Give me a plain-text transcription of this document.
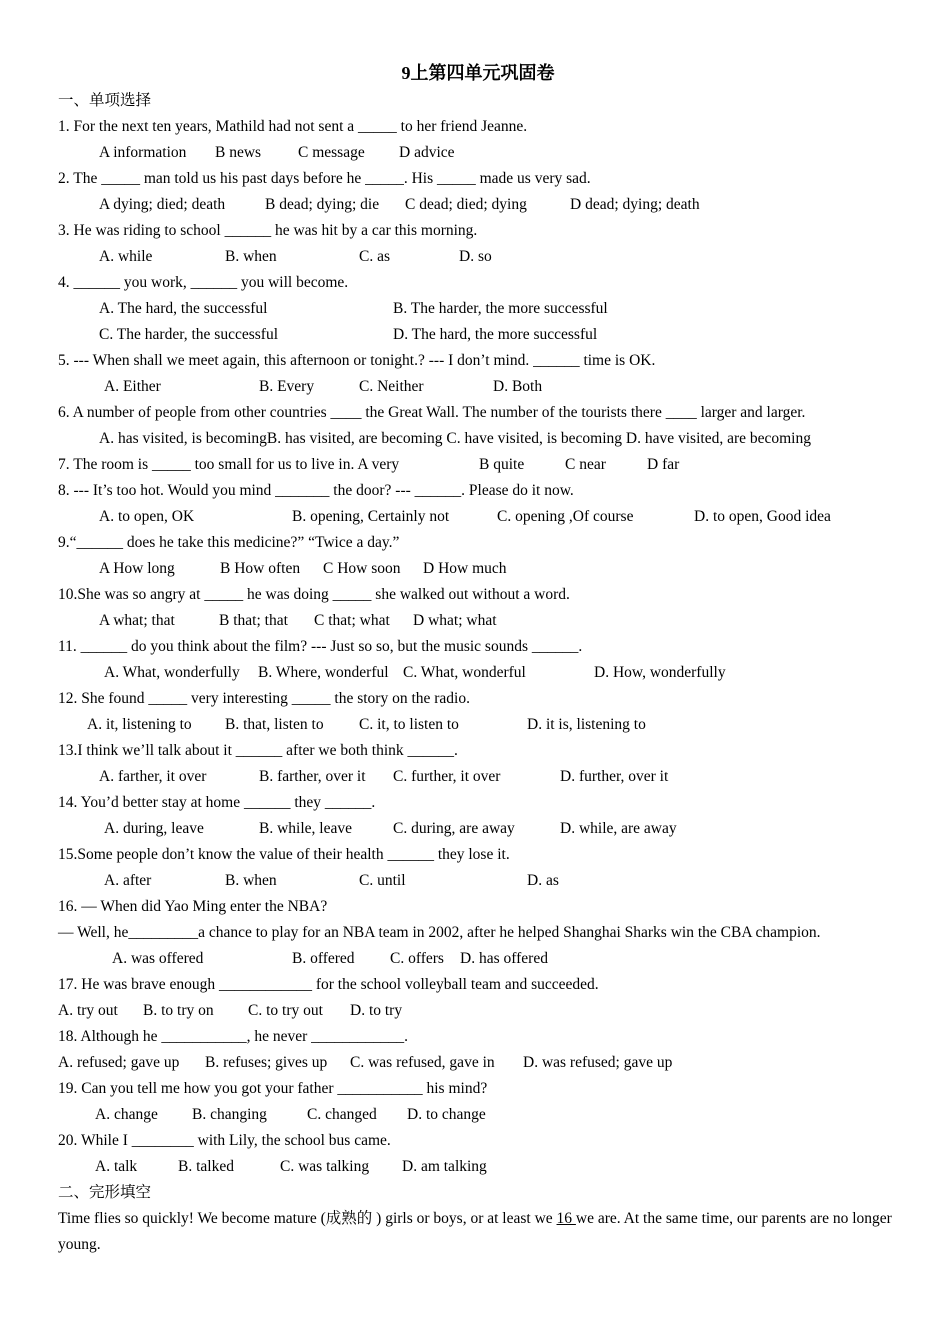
9上第四单元巩固卷
一、单项选择
1. For the next ten years, Mathild had not sent a _____ to her friend Jeanne.
A information B news C message D advice
2. The _____ man told us his past days before he _____. His _____ made us very sad.
A dying; died; death	B dead; dying; die C dead; died; dying	D dead; dying; death
3. He was riding to school ______ he was hit by a car this morning.
A. while	B. when	C. as	D. so
4. ______ you work, ______ you will become.
A. The hard, the successful	B. The harder, the more successful
C. The harder, the successful	D. The hard, the more successful
5. --- When shall we meet again, this afternoon or tonight.? --- I don’t mind. ______ time is OK.
A. Either	B. Every	C. Neither	D. Both
6. A number of people from other countries ____ the Great Wall. The number of the tourists there ____ larger and larger.
A. has visited, is becomingB. has visited, are becoming C. have visited, is becoming D. have visited, are becoming
7. The room is _____ too small for us to live in. A very	B quite	C near	D far
8. --- It’s too hot. Would you mind _______ the door? --- ______. Please do it now.
A. to open, OK	B. opening, Certainly not	C. opening ,Of course	D. to open, Good idea
9.“______ does he take this medicine?” “Twice a day.”
A How long	B How often C How soon D How much
10.She was so angry at _____ he was doing _____ she walked out without a word.
A what; that	B that; that C that; what D what; what
11. ______ do you think about the film? --- Just so so, but the music sounds ______.
A. What, wonderfully B. Where, wonderful C. What, wonderful	D. How, wonderfully
12. She found _____ very interesting _____ the story on the radio.
A. it, listening to B. that, listen to C. it, to listen to	D. it is, listening to
13.I think we’ll talk about it ______ after we both think ______.
A. farther, it over	B. farther, over it C. further, it over	D. further, over it
14. You’d better stay at home ______ they ______.
A. during, leave	B. while, leave	C. during, are away	D. while, are away
15.Some people don’t know the value of their health ______ they lose it.
A. after	B. when	C. until	D. as
16. — When did Yao Ming enter the NBA?
— Well, he_________a chance to play for an NBA team in 2002, after he helped Shanghai Sharks win the CBA champion.
A. was offered	B. offered C. offers D. has offered
17. He was brave enough ____________ for the school volleyball team and succeeded.
A. try out B. to try on C. to try out D. to try
18. Although he ___________, he never ____________.
A. refused; gave up B. refuses; gives up C. was refused, gave in D. was refused; gave up
19. Can you tell me how you got your father ___________ his mind?
A. change B. changing	C. changed D. to change
20. While I ________ with Lily, the school bus came.
A. talk	B. talked	C. was talking D. am talking
二、完形填空
Time flies so quickly! We become mature (成熟的 ) girls or boys, or at least we 16 we are. At the same time, our parents are no longer young.
